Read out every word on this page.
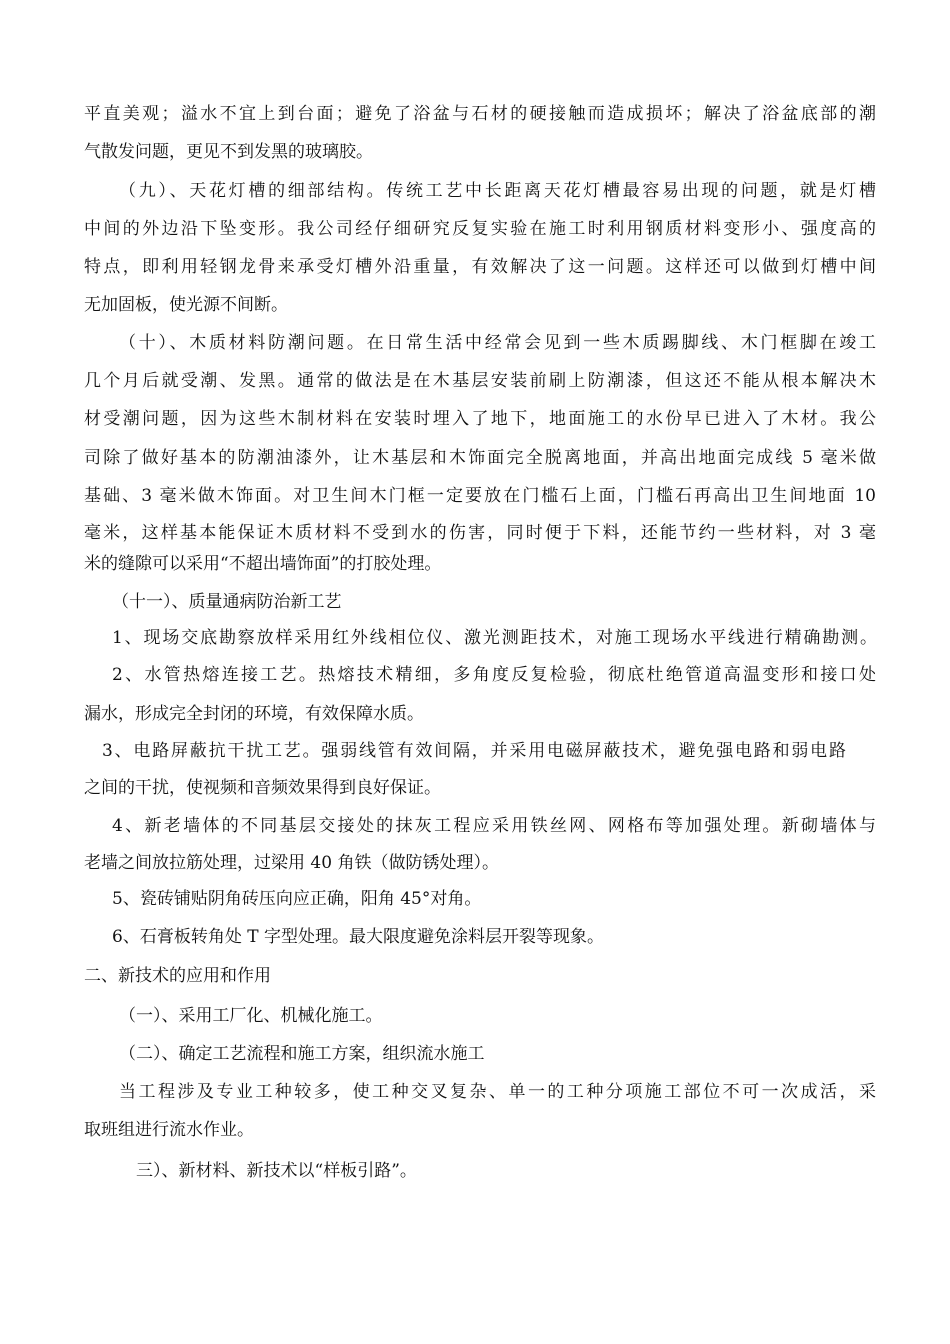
平直美观；溢水不宜上到台面；避免了浴盆与石材的硬接触而造成损坏；解决了浴盆底部的潮
气散发问题，更见不到发黑的玻璃胶。
（九）、天花灯槽的细部结构。传统工艺中长距离天花灯槽最容易出现的问题，就是灯槽
中间的外边沿下坠变形。我公司经仔细研究反复实验在施工时利用钢质材料变形小、强度高的
特点，即利用轻钢龙骨来承受灯槽外沿重量，有效解决了这一问题。这样还可以做到灯槽中间
无加固板，使光源不间断。
（十）、木质材料防潮问题。在日常生活中经常会见到一些木质踢脚线、木门框脚在竣工
几个月后就受潮、发黑。通常的做法是在木基层安装前刷上防潮漆，但这还不能从根本解决木
材受潮问题，因为这些木制材料在安装时埋入了地下，地面施工的水份早已进入了木材。我公
司除了做好基本的防潮油漆外，让木基层和木饰面完全脱离地面，并高出地面完成线 5 毫米做
基础、3 毫米做木饰面。对卫生间木门框一定要放在门槛石上面，门槛石再高出卫生间地面 10
毫米，这样基本能保证木质材料不受到水的伤害，同时便于下料，还能节约一些材料，对 3 毫
米的缝隙可以采用“不超出墙饰面”的打胶处理。
（十一）、质量通病防治新工艺
1、现场交底勘察放样采用红外线相位仪、激光测距技术，对施工现场水平线进行精确勘测。
2、水管热熔连接工艺。热熔技术精细，多角度反复检验，彻底杜绝管道高温变形和接口处
漏水，形成完全封闭的环境，有效保障水质。
3、电路屏蔽抗干扰工艺。强弱线管有效间隔，并采用电磁屏蔽技术，避免强电路和弱电路
之间的干扰，使视频和音频效果得到良好保证。
4、新老墙体的不同基层交接处的抹灰工程应采用铁丝网、网格布等加强处理。新砌墙体与
老墙之间放拉筋处理，过梁用 40 角铁（做防锈处理）。
5、瓷砖铺贴阴角砖压向应正确，阳角 45°对角。
6、石膏板转角处 T 字型处理。最大限度避免涂料层开裂等现象。
二、新技术的应用和作用
（一）、采用工厂化、机械化施工。
（二）、确定工艺流程和施工方案，组织流水施工
当工程涉及专业工种较多，使工种交叉复杂、单一的工种分项施工部位不可一次成活，采
取班组进行流水作业。
三）、新材料、新技术以“样板引路”。
